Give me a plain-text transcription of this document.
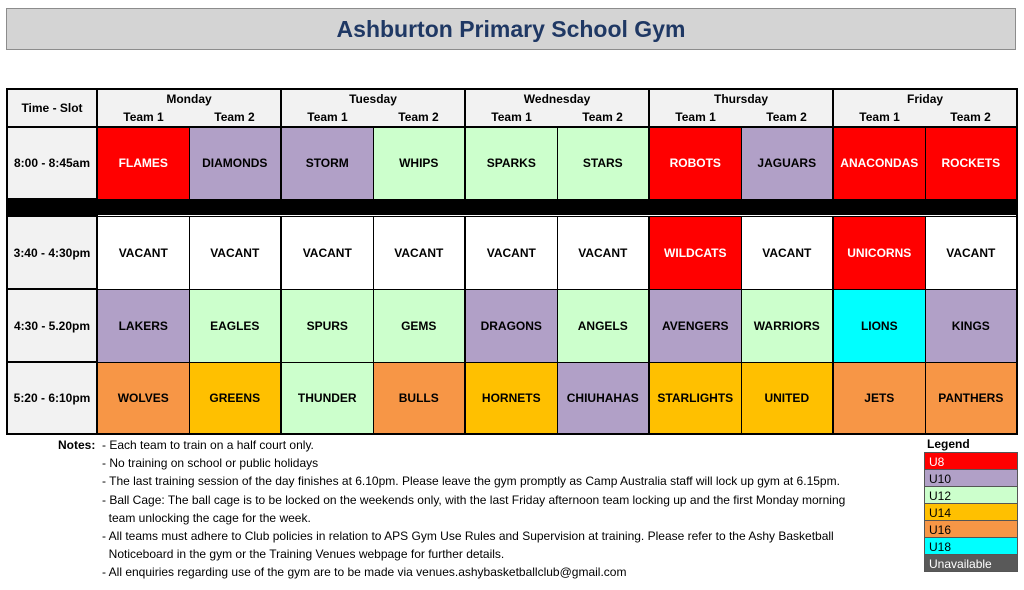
Ashburton Primary School Gym
Time - Slot	Monday		Tuesday		Wednesday		Thursday		Friday	
	Team 1	Team 2	Team 1	Team 2	Team 1	Team 2	Team 1	Team 2	Team 1	Team 2
8:00 - 8:45am	FLAMES	DIAMONDS	STORM	WHIPS	SPARKS	STARS	ROBOTS	JAGUARS	ANACONDAS	ROCKETS

3:40 - 4:30pm	VACANT	VACANT	VACANT	VACANT	VACANT	VACANT	WILDCATS	VACANT	UNICORNS	VACANT
4:30 - 5.20pm	LAKERS	EAGLES	SPURS	GEMS	DRAGONS	ANGELS	AVENGERS	WARRIORS	LIONS	KINGS
5:20 - 6:10pm	WOLVES	GREENS	THUNDER	BULLS	HORNETS	CHIUHAHAS	STARLIGHTS	UNITED	JETS	PANTHERS
Notes: - Each team to train on a half court only.
- No training on school or public holidays
- The last training session of the day finishes at 6.10pm. Please leave the gym promptly as Camp Australia staff will lock up gym at 6.15pm.
- Ball Cage: The ball cage is to be locked on the weekends only, with the last Friday afternoon team locking up and the first Monday morning
team unlocking the cage for the week.
- All teams must adhere to Club policies in relation to APS Gym Use Rules and Supervision at training. Please refer to the Ashy Basketball
Noticeboard in the gym or the Training Venues webpage for further details.
- All enquiries regarding use of the gym are to be made via venues.ashybasketballclub@gmail.com
Legend
U8
U10
U12
U14
U16
U18
Unavailable
